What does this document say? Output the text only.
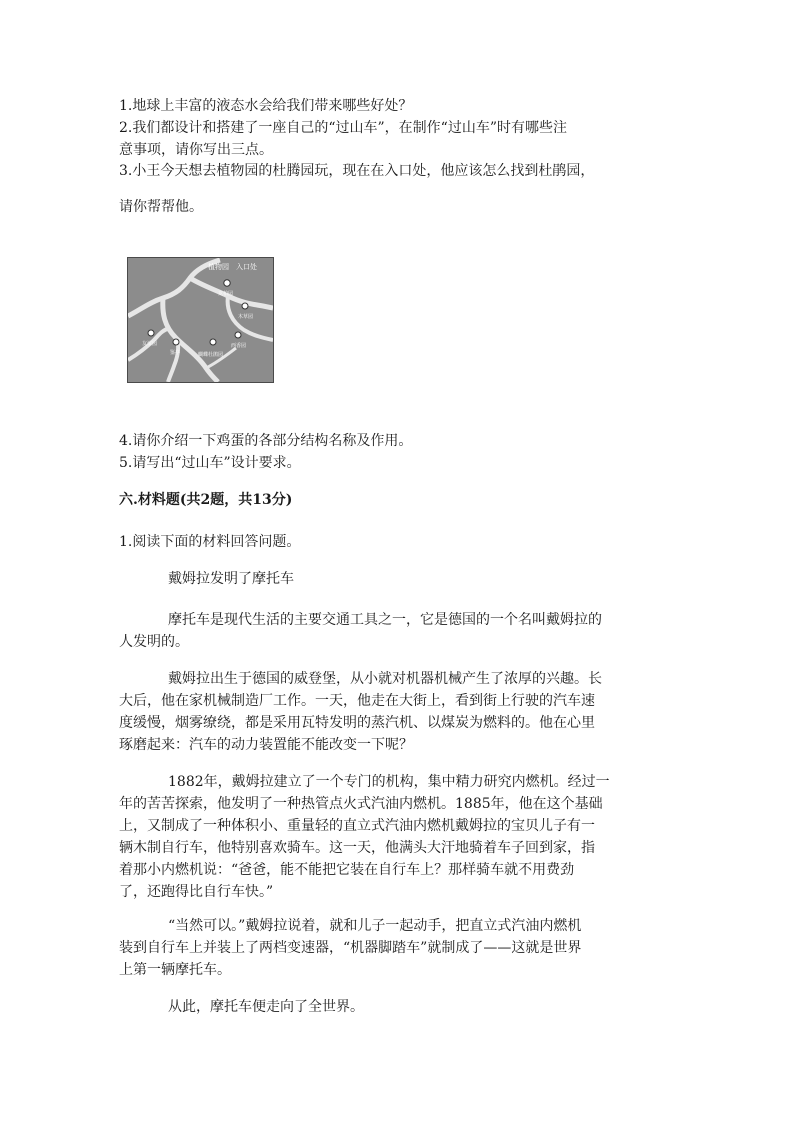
1.地球上丰富的液态水会给我们带来哪些好处？
2.我们都设计和搭建了一座自己的“过山车”，在制作“过山车”时有哪些注
意事项，请你写出三点。
3.小王今天想去植物园的杜腾园玩，现在在入口处，他应该怎么找到杜鹃园，
请你帮帮他。
植物园 入口处
龙柏园
木草园
友谊园
鉴亭	蝴蝶杜鹃园
西香园
4.请你介绍一下鸡蛋的各部分结构名称及作用。
5.请写出“过山车”设计要求。
六.材料题(共2题，共13分)
1.阅读下面的材料回答问题。
戴姆拉发明了摩托车
摩托车是现代生活的主要交通工具之一，它是德国的一个名叫戴姆拉的
人发明的。
戴姆拉出生于德国的威登堡，从小就对机器机械产生了浓厚的兴趣。长
大后，他在家机械制造厂工作。一天，他走在大街上，看到街上行驶的汽车速
度缓慢，烟雾缭绕，都是采用瓦特发明的蒸汽机、以煤炭为燃料的。他在心里
琢磨起来：汽车的动力装置能不能改变一下呢？
1882年，戴姆拉建立了一个专门的机构，集中精力研究内燃机。经过一
年的苦苦探索，他发明了一种热管点火式汽油内燃机。1885年，他在这个基础
上，又制成了一种体积小、重量轻的直立式汽油内燃机戴姆拉的宝贝儿子有一
辆木制自行车，他特别喜欢骑车。这一天，他满头大汗地骑着车子回到家，指
着那小内燃机说：“爸爸，能不能把它装在自行车上？那样骑车就不用费劲
了，还跑得比自行车快。”
“当然可以。”戴姆拉说着，就和儿子一起动手，把直立式汽油内燃机
装到自行车上并装上了两档变速器，“机器脚踏车”就制成了——这就是世界
上第一辆摩托车。
从此，摩托车便走向了全世界。
